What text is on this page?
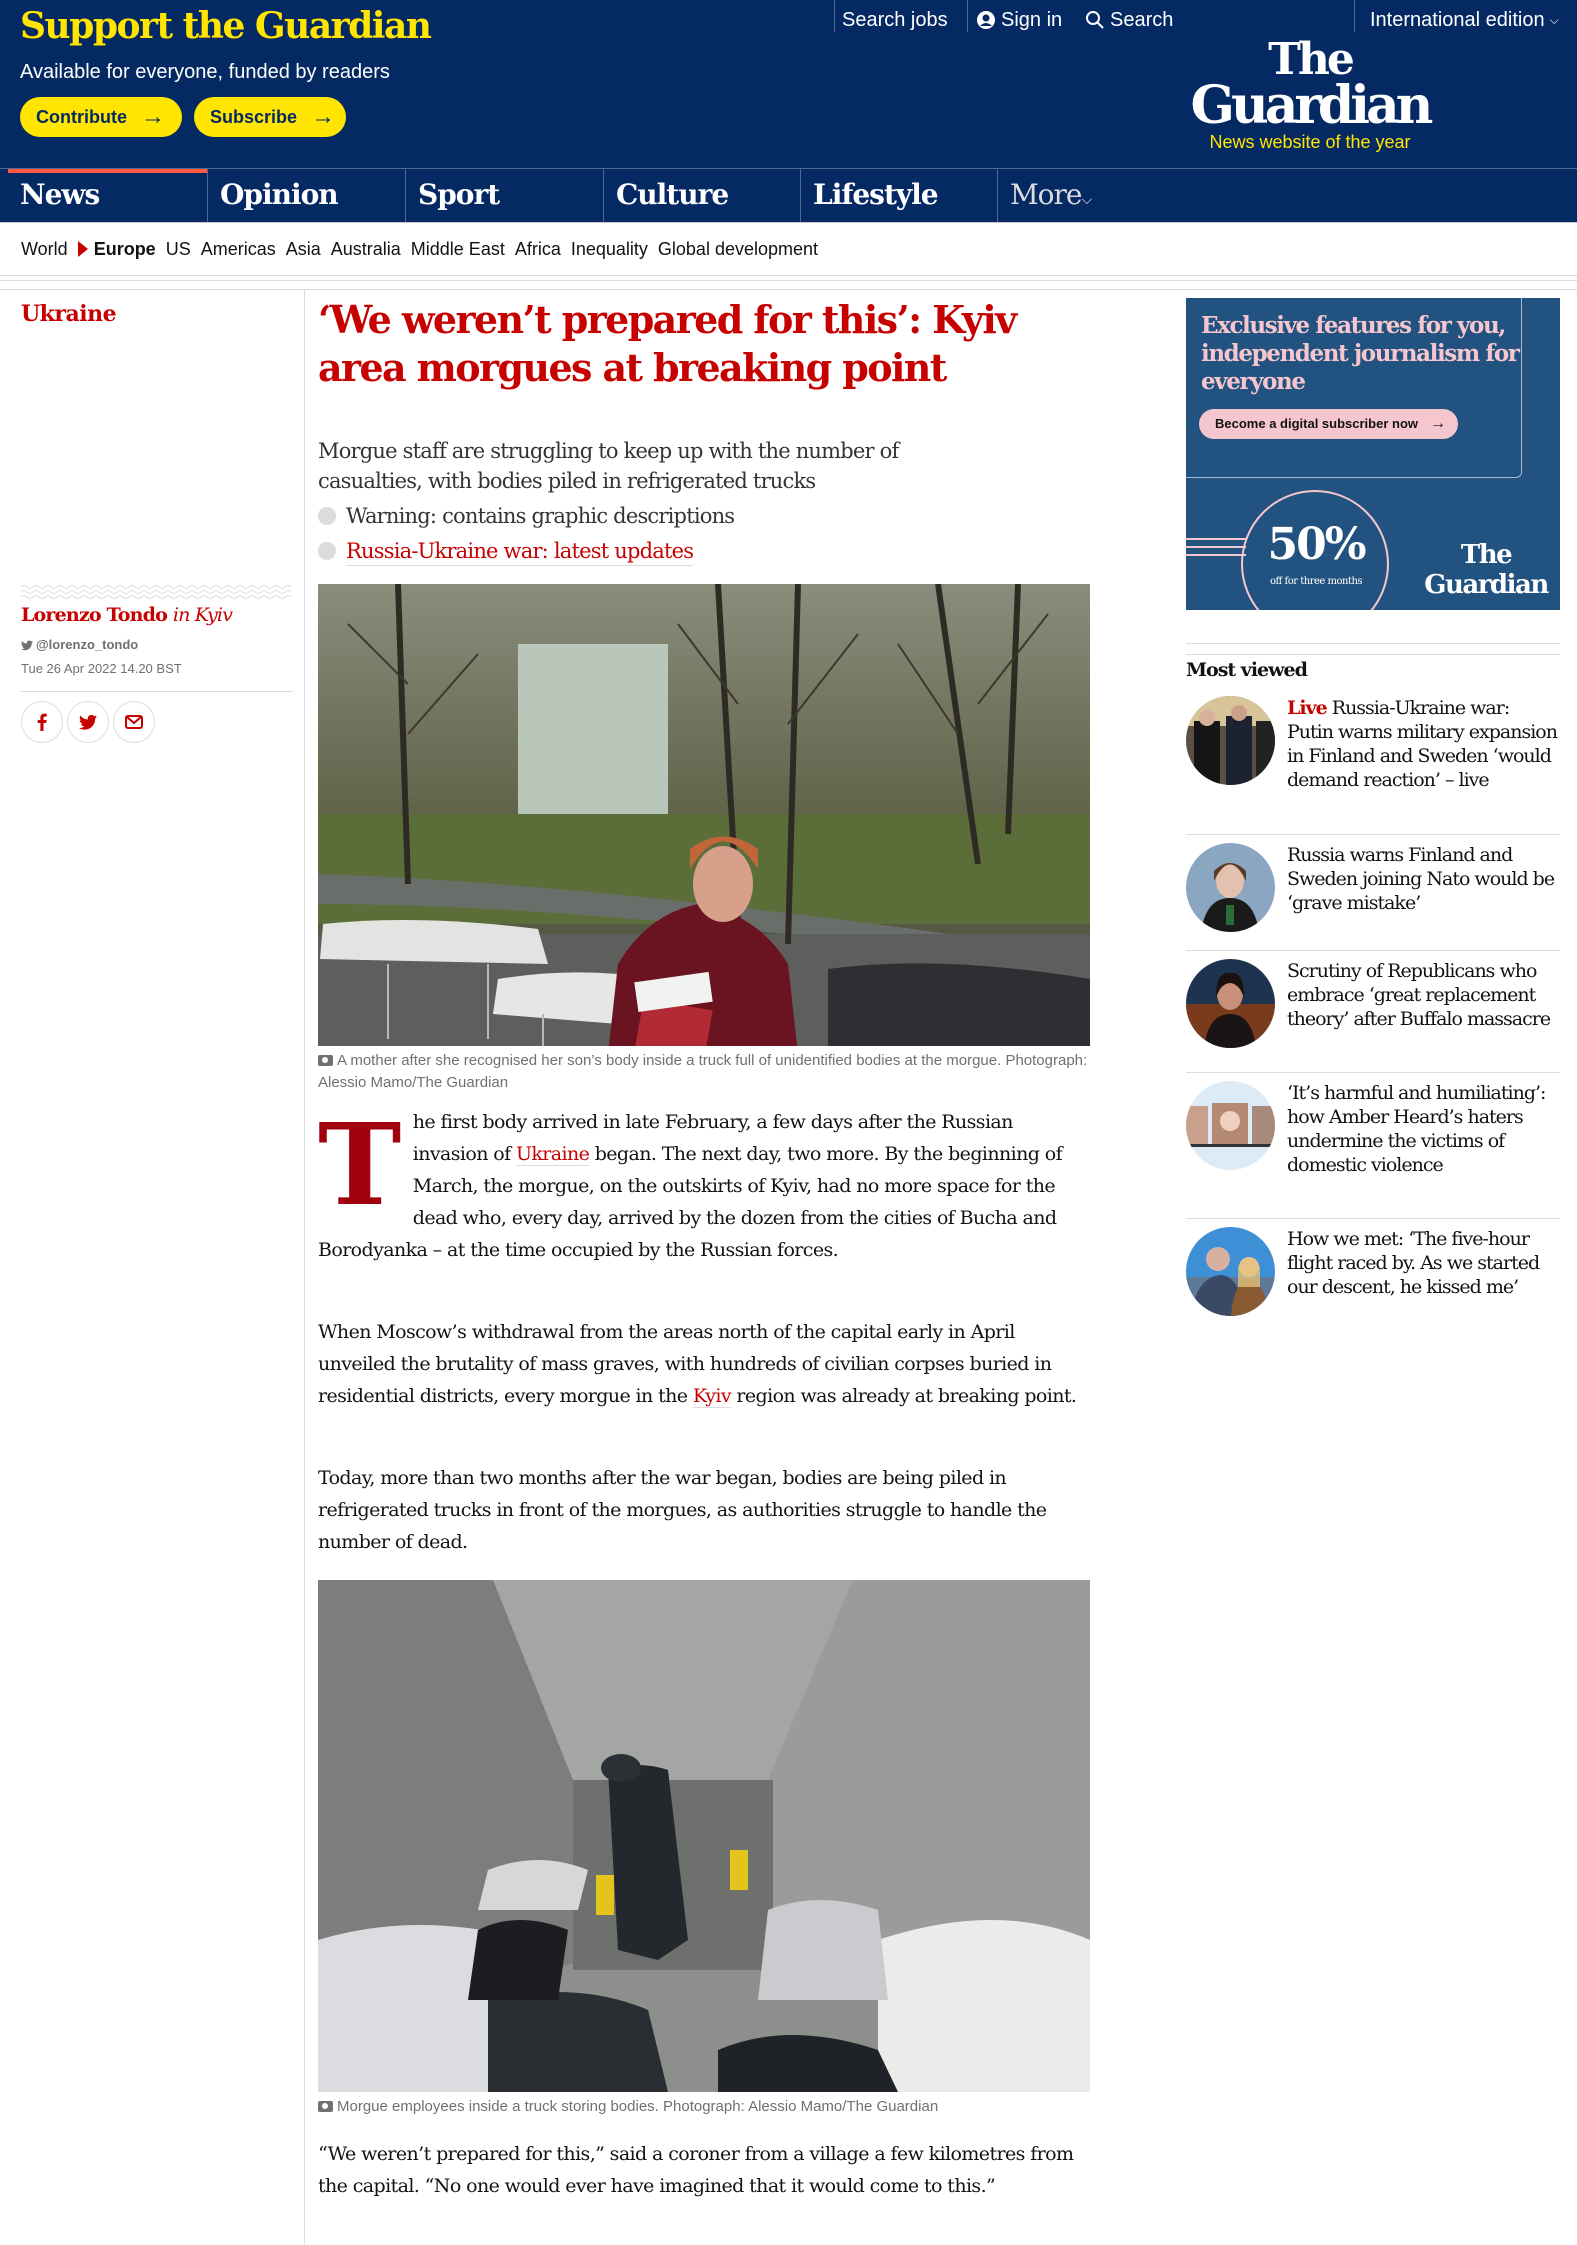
Support the Guardian
Available for everyone, funded by readers
Contribute →	Subscribe →
Search jobs	Sign in Search	International edition ⌵
The
Guardian
News website of the year
News	Opinion	Sport	Culture	Lifestyle	More⌵
World Europe US Americas Asia Australia Middle East Africa Inequality Global development
Ukraine
Lorenzo Tondo in Kyiv
@lorenzo_tondo
Tue 26 Apr 2022 14.20 BST
‘We weren’t prepared for this’: Kyiv area morgues at breaking point

Morgue staff are struggling to keep up with the number of casualties, with bodies piled in refrigerated trucks

Warning: contains graphic descriptions
Russia-Ukraine war: latest updates
A mother after she recognised her son’s body inside a truck full of unidentified bodies at the morgue. Photograph: Alessio Mamo/The Guardian
The first body arrived in late February, a few days after the Russian invasion of Ukraine began. The next day, two more. By the beginning of March, the morgue, on the outskirts of Kyiv, had no more space for the dead who, every day, arrived by the dozen from the cities of Bucha and Borodyanka – at the time occupied by the Russian forces.
When Moscow’s withdrawal from the areas north of the capital early in April unveiled the brutality of mass graves, with hundreds of civilian corpses buried in residential districts, every morgue in the Kyiv region was already at breaking point.
Today, more than two months after the war began, bodies are being piled in refrigerated trucks in front of the morgues, as authorities struggle to handle the number of dead.
Morgue employees inside a truck storing bodies. Photograph: Alessio Mamo/The Guardian
“We weren’t prepared for this,” said a coroner from a village a few kilometres from the capital. “No one would ever have imagined that it would come to this.”
Exclusive features for you, independent journalism for everyone
Become a digital subscriber now →
50%
off for three months
The
Guardian
Most viewed
Live Russia-Ukraine war: Putin warns military expansion in Finland and Sweden ‘would demand reaction’ – live
Russia warns Finland and Sweden joining Nato would be ‘grave mistake’
Scrutiny of Republicans who embrace ‘great replacement theory’ after Buffalo massacre
‘It’s harmful and humiliating’: how Amber Heard’s haters undermine the victims of domestic violence
How we met: ‘The five-hour flight raced by. As we started our descent, he kissed me’
